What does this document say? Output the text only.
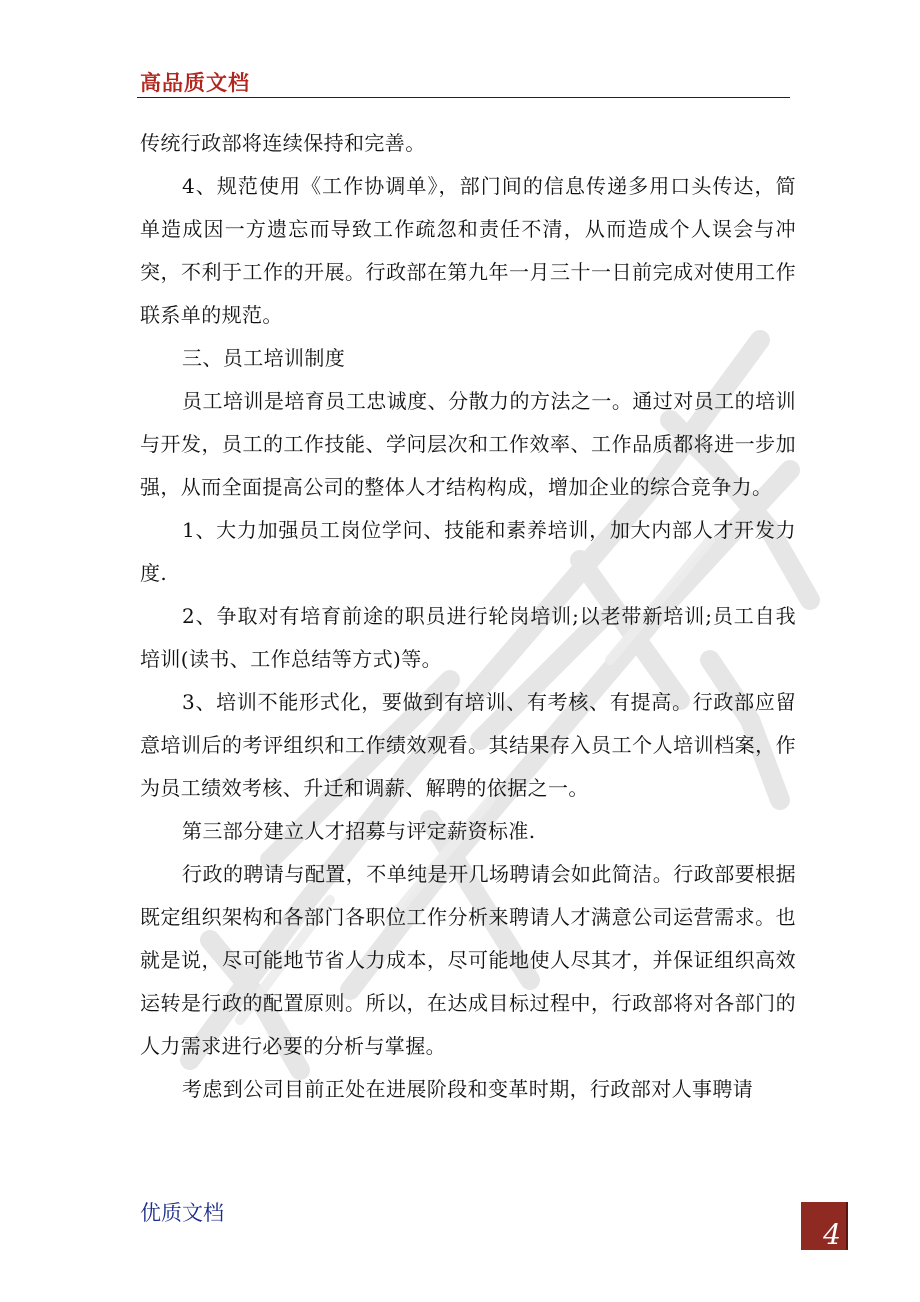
高品质文档

传统行政部将连续保持和完善。

4、规范使用《工作协调单》，部门间的信息传递多用口头传达，简单造成因一方遗忘而导致工作疏忽和责任不清，从而造成个人误会与冲突，不利于工作的开展。行政部在第九年一月三十一日前完成对使用工作联系单的规范。

三、员工培训制度

员工培训是培育员工忠诚度、分散力的方法之一。通过对员工的培训与开发，员工的工作技能、学问层次和工作效率、工作品质都将进一步加强，从而全面提高公司的整体人才结构构成，增加企业的综合竞争力。

1、大力加强员工岗位学问、技能和素养培训，加大内部人才开发力度.

2、争取对有培育前途的职员进行轮岗培训;以老带新培训;员工自我培训(读书、工作总结等方式)等。

3、培训不能形式化，要做到有培训、有考核、有提高。行政部应留意培训后的考评组织和工作绩效观看。其结果存入员工个人培训档案，作为员工绩效考核、升迁和调薪、解聘的依据之一。

第三部分建立人才招募与评定薪资标准.

行政的聘请与配置，不单纯是开几场聘请会如此简洁。行政部要根据既定组织架构和各部门各职位工作分析来聘请人才满意公司运营需求。也就是说，尽可能地节省人力成本，尽可能地使人尽其才，并保证组织高效运转是行政的配置原则。所以，在达成目标过程中，行政部将对各部门的人力需求进行必要的分析与掌握。

考虑到公司目前正处在进展阶段和变革时期，行政部对人事聘请

优质文档
4
